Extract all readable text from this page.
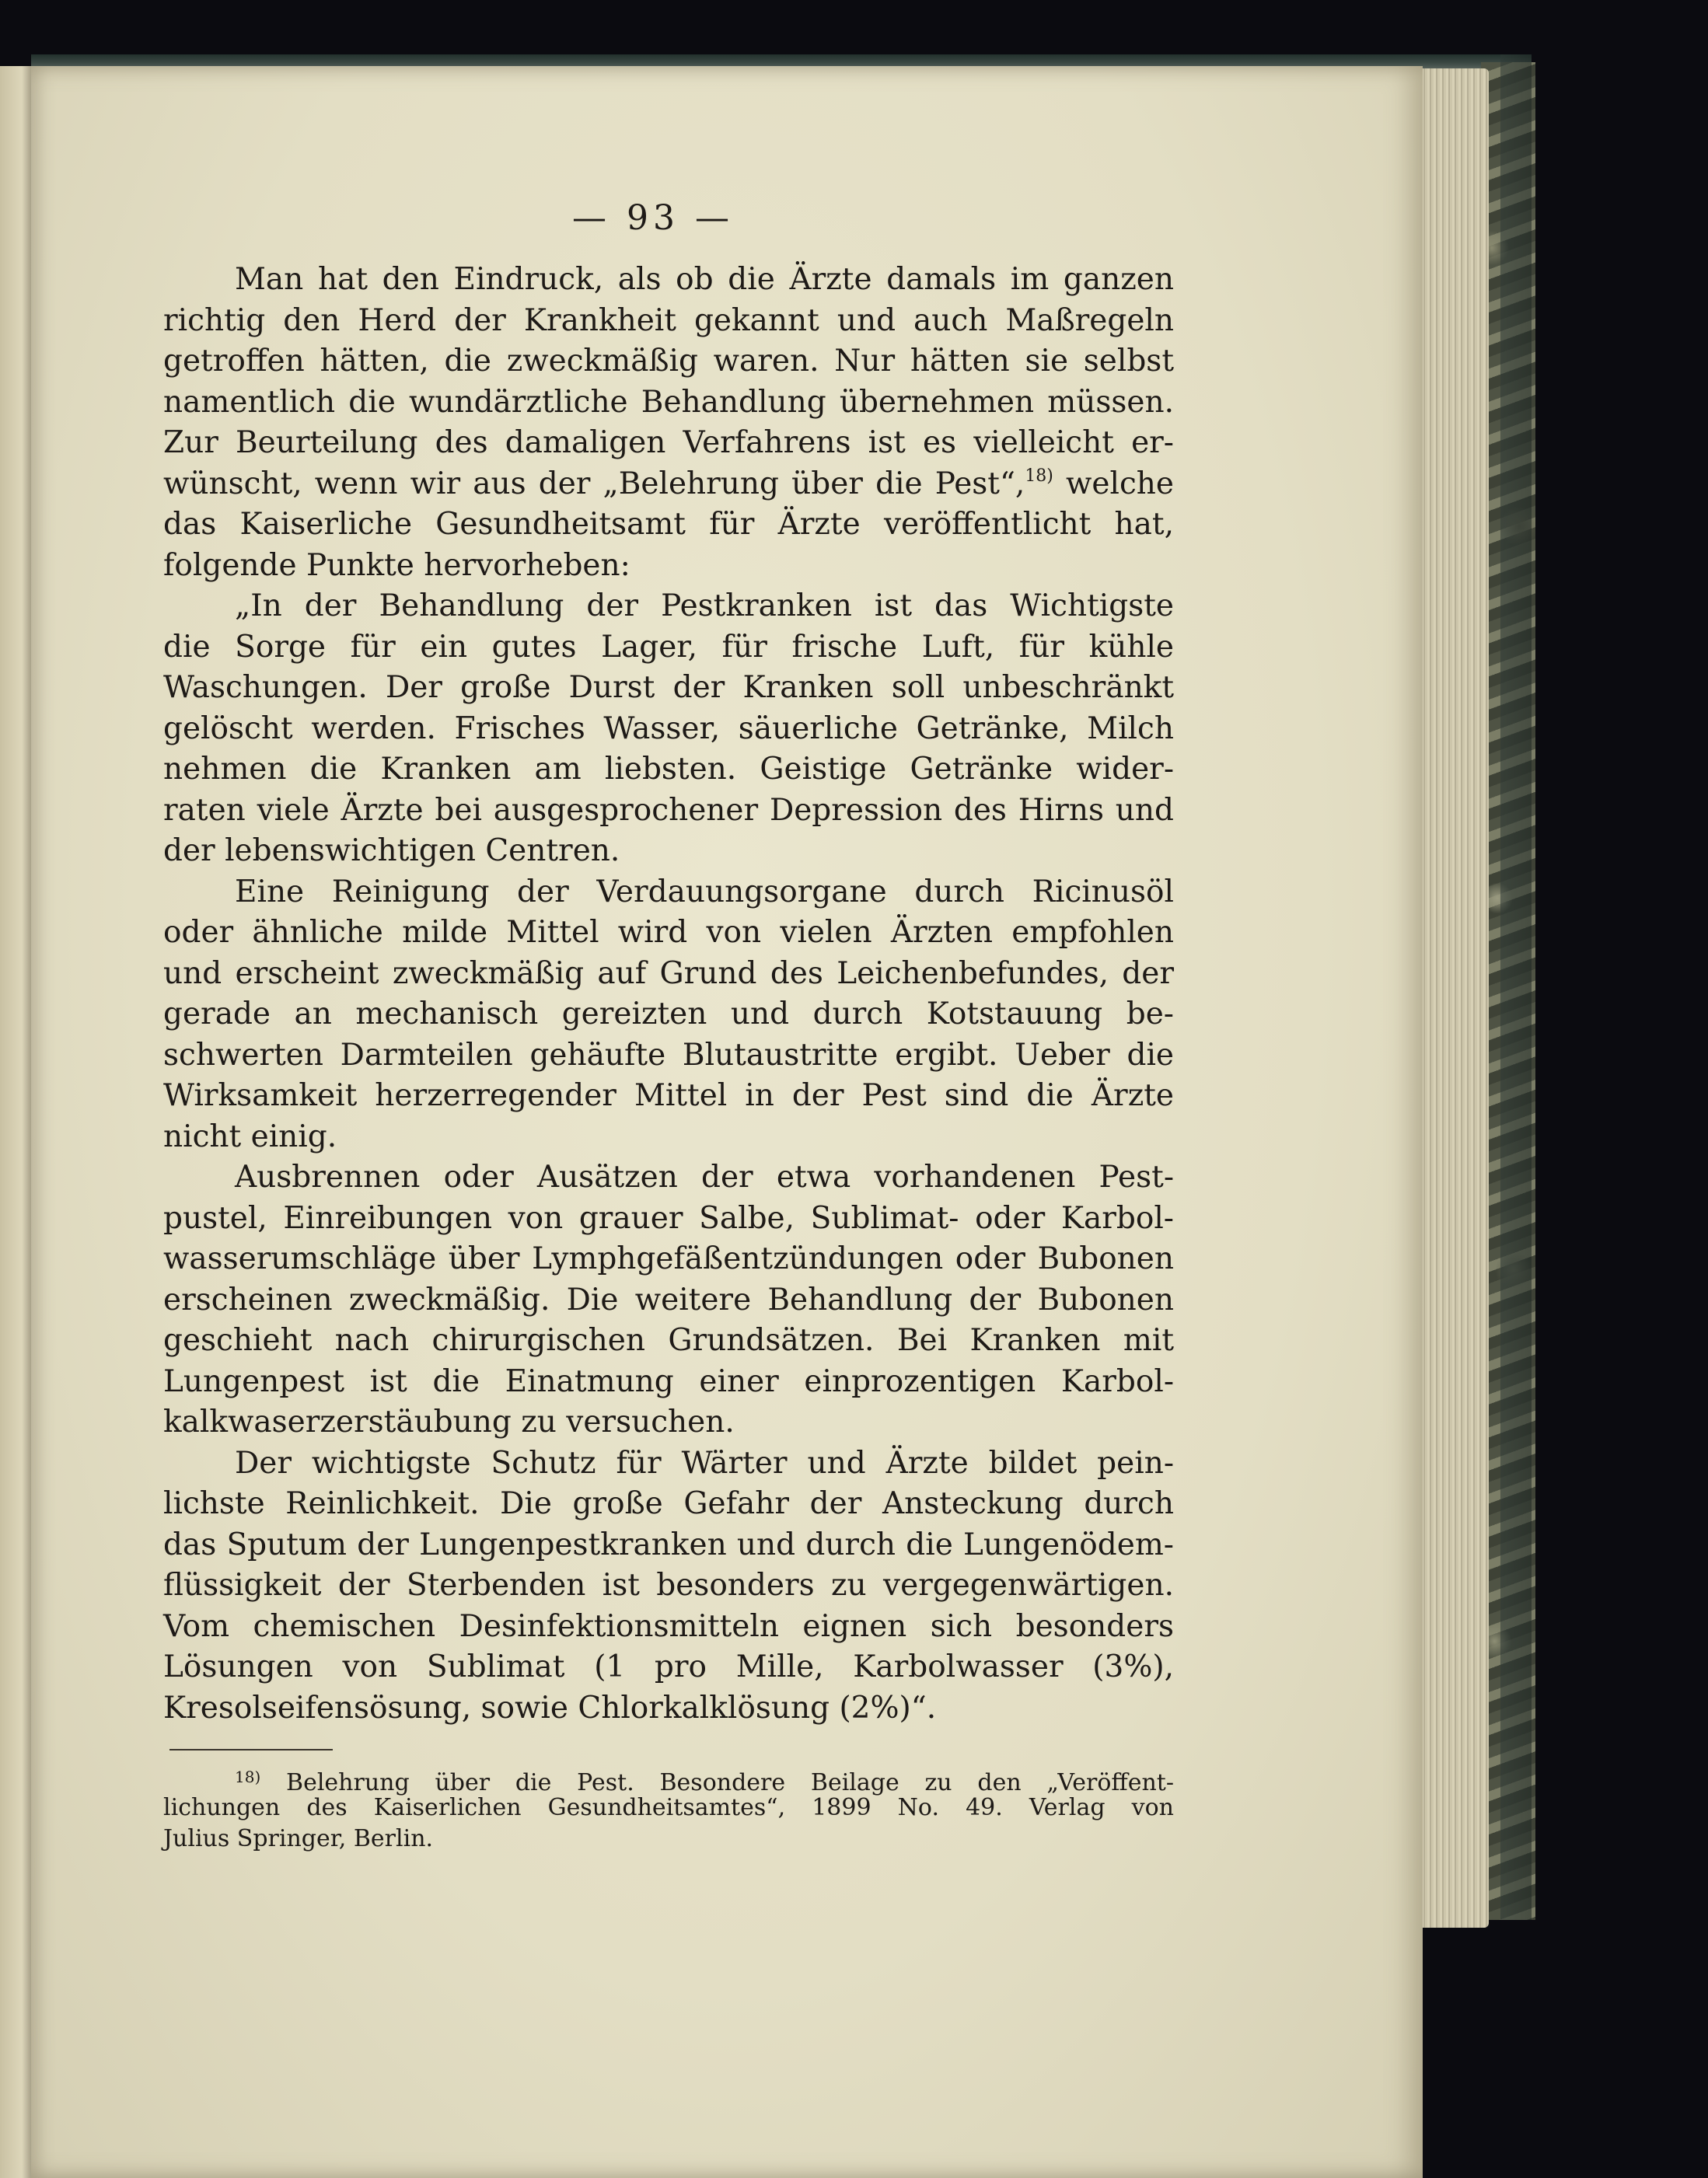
— 93 —
Man hat den Eindruck, als ob die Ärzte damals im ganzen
richtig den Herd der Krankheit gekannt und auch Maßregeln
getroffen hätten, die zweckmäßig waren. Nur hätten sie selbst
namentlich die wundärztliche Behandlung übernehmen müssen.
Zur Beurteilung des damaligen Verfahrens ist es vielleicht er-
wünscht, wenn wir aus der „Belehrung über die Pest“,$^{18)}$ welche
das Kaiserliche Gesundheitsamt für Ärzte veröffentlicht hat,
folgende Punkte hervorheben:
„In der Behandlung der Pestkranken ist das Wichtigste
die Sorge für ein gutes Lager, für frische Luft, für kühle
Waschungen. Der große Durst der Kranken soll unbeschränkt
gelöscht werden. Frisches Wasser, säuerliche Getränke, Milch
nehmen die Kranken am liebsten. Geistige Getränke wider-
raten viele Ärzte bei ausgesprochener Depression des Hirns und
der lebenswichtigen Centren.
Eine Reinigung der Verdauungsorgane durch Ricinusöl
oder ähnliche milde Mittel wird von vielen Ärzten empfohlen
und erscheint zweckmäßig auf Grund des Leichenbefundes, der
gerade an mechanisch gereizten und durch Kotstauung be-
schwerten Darmteilen gehäufte Blutaustritte ergibt. Ueber die
Wirksamkeit herzerregender Mittel in der Pest sind die Ärzte
nicht einig.
Ausbrennen oder Ausätzen der etwa vorhandenen Pest-
pustel, Einreibungen von grauer Salbe, Sublimat- oder Karbol-
wasserumschläge über Lymphgefäßentzündungen oder Bubonen
erscheinen zweckmäßig. Die weitere Behandlung der Bubonen
geschieht nach chirurgischen Grundsätzen. Bei Kranken mit
Lungenpest ist die Einatmung einer einprozentigen Karbol-
kalkwaserzerstäubung zu versuchen.
Der wichtigste Schutz für Wärter und Ärzte bildet pein-
lichste Reinlichkeit. Die große Gefahr der Ansteckung durch
das Sputum der Lungenpestkranken und durch die Lungenödem-
flüssigkeit der Sterbenden ist besonders zu vergegenwärtigen.
Vom chemischen Desinfektionsmitteln eignen sich besonders
Lösungen von Sublimat (1 pro Mille, Karbolwasser (3%),
Kresolseifensösung, sowie Chlorkalklösung (2%)“.
$^{18)}$ Belehrung über die Pest. Besondere Beilage zu den „Veröffent-
lichungen des Kaiserlichen Gesundheitsamtes“, 1899 No. 49. Verlag von
Julius Springer, Berlin.
